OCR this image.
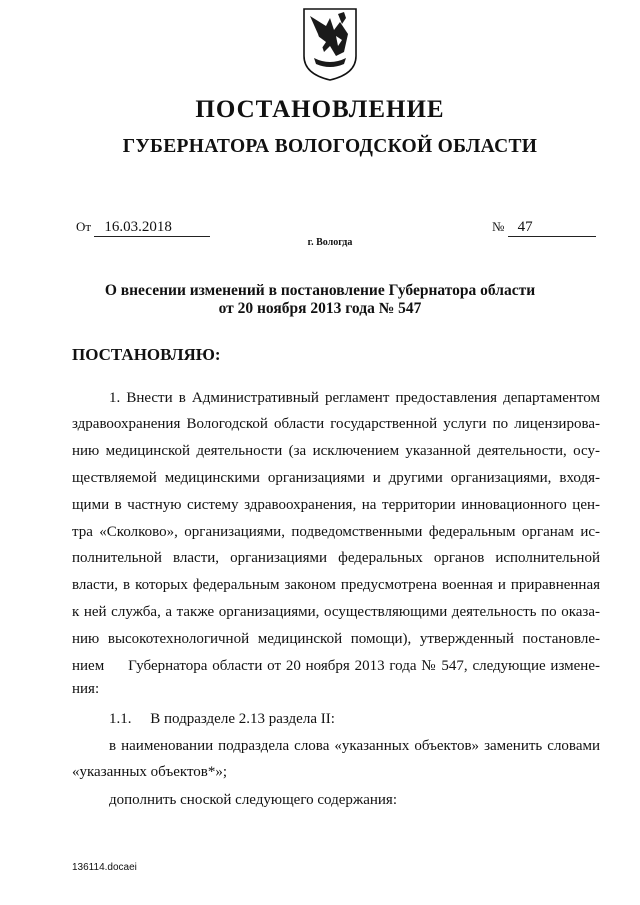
ПОСТАНОВЛЕНИЕ
ГУБЕРНАТОРА ВОЛОГОДСКОЙ ОБЛАСТИ
От 16.03.2018	№ 47
г. Вологда
О внесении изменений в постановление Губернатора области
от 20 ноября 2013 года № 547
ПОСТАНОВЛЯЮ:
1. Внести в Административный регламент предоставления департаментом
здравоохранения Вологодской области государственной услуги по лицензирова-
нию медицинской деятельности (за исключением указанной деятельности, осу-
ществляемой медицинскими организациями и другими организациями, входя-
щими в частную систему здравоохранения, на территории инновационного цен-
тра «Сколково», организациями, подведомственными федеральным органам ис-
полнительной власти, организациями федеральных органов исполнительной
власти, в которых федеральным законом предусмотрена военная и приравненная
к ней служба, а также организациями, осуществляющими деятельность по оказа-
нию высокотехнологичной медицинской помощи), утвержденный постановле-
нием     Губернатора области от 20 ноября 2013 года № 547, следующие измене-
ния:
1.1.     В подразделе 2.13 раздела II:
в наименовании подраздела слова «указанных объектов» заменить словами
«указанных объектов*»;
дополнить сноской следующего содержания:
136114.docaei
